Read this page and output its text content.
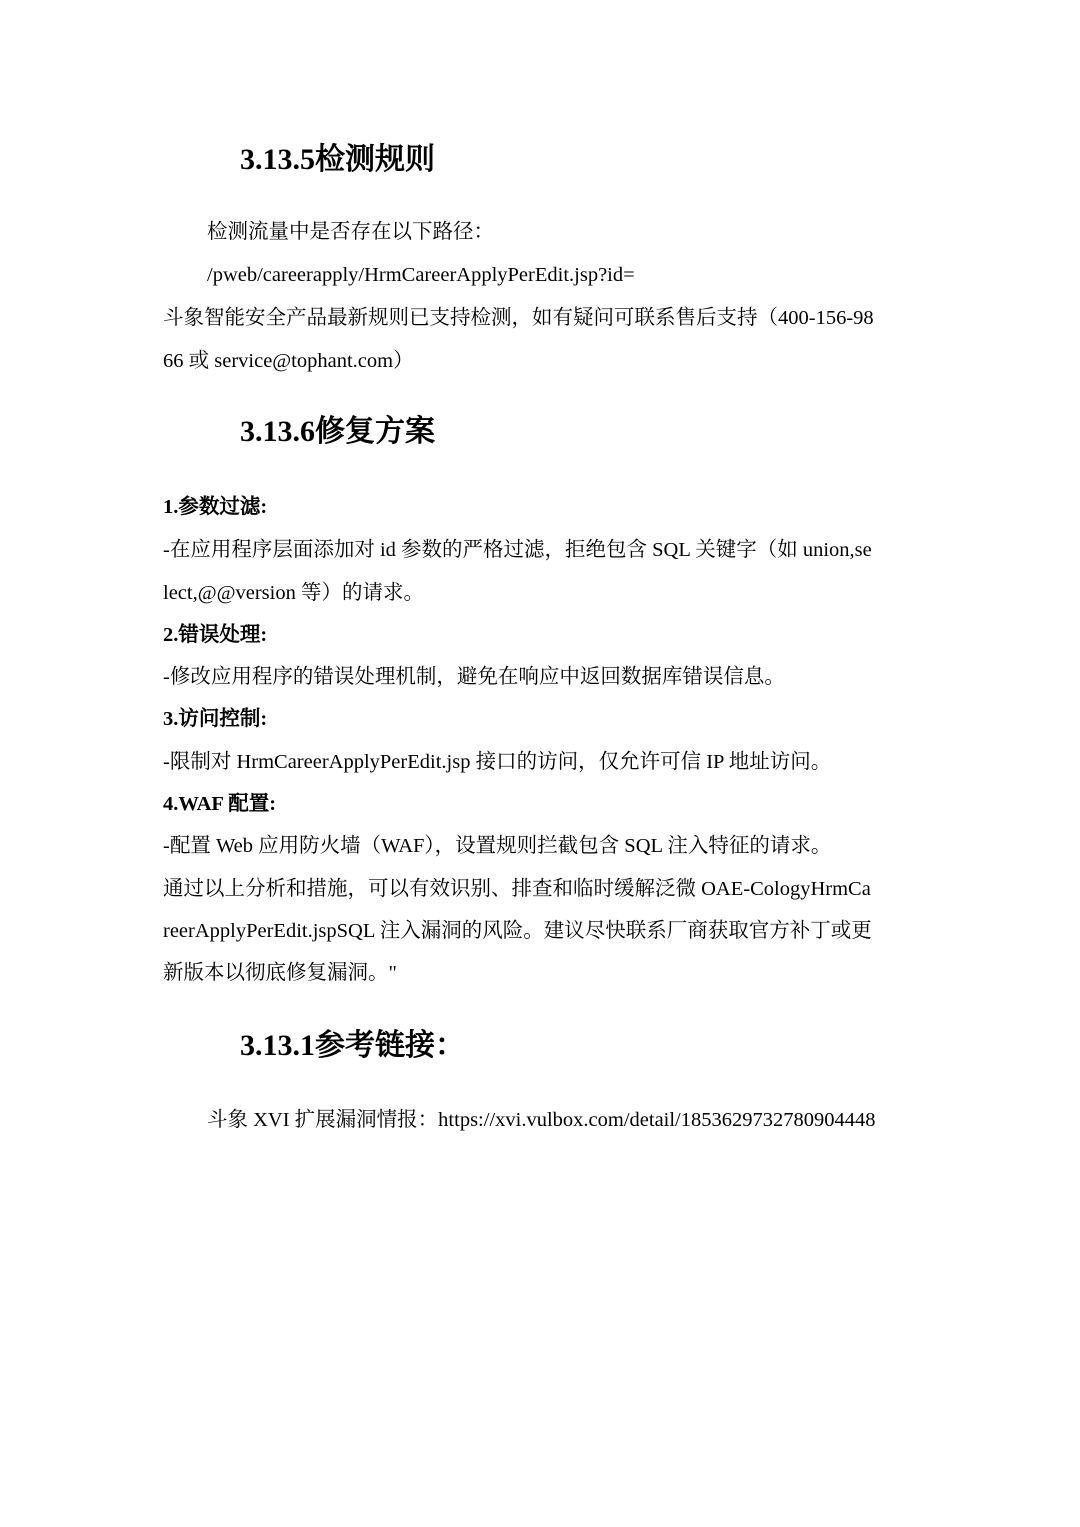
3.13.5检测规则
检测流量中是否存在以下路径：
/pweb/careerapply/HrmCareerApplyPerEdit.jsp?id=
斗象智能安全产品最新规则已支持检测，如有疑问可联系售后支持（400-156-98
66 或 service@tophant.com）
3.13.6修复方案
1.参数过滤:
-在应用程序层面添加对 id 参数的严格过滤，拒绝包含 SQL 关键字（如 union,se
lect,@@version 等）的请求。
2.错误处理:
-修改应用程序的错误处理机制，避免在响应中返回数据库错误信息。
3.访问控制:
-限制对 HrmCareerApplyPerEdit.jsp 接口的访问，仅允许可信 IP 地址访问。
4.WAF 配置:
-配置 Web 应用防火墙（WAF），设置规则拦截包含 SQL 注入特征的请求。
通过以上分析和措施，可以有效识别、排查和临时缓解泛微 OAE-CologyHrmCa
reerApplyPerEdit.jspSQL 注入漏洞的风险。建议尽快联系厂商获取官方补丁或更
新版本以彻底修复漏洞。"
3.13.1参考链接：
斗象 XVI 扩展漏洞情报：https://xvi.vulbox.com/detail/1853629732780904448
